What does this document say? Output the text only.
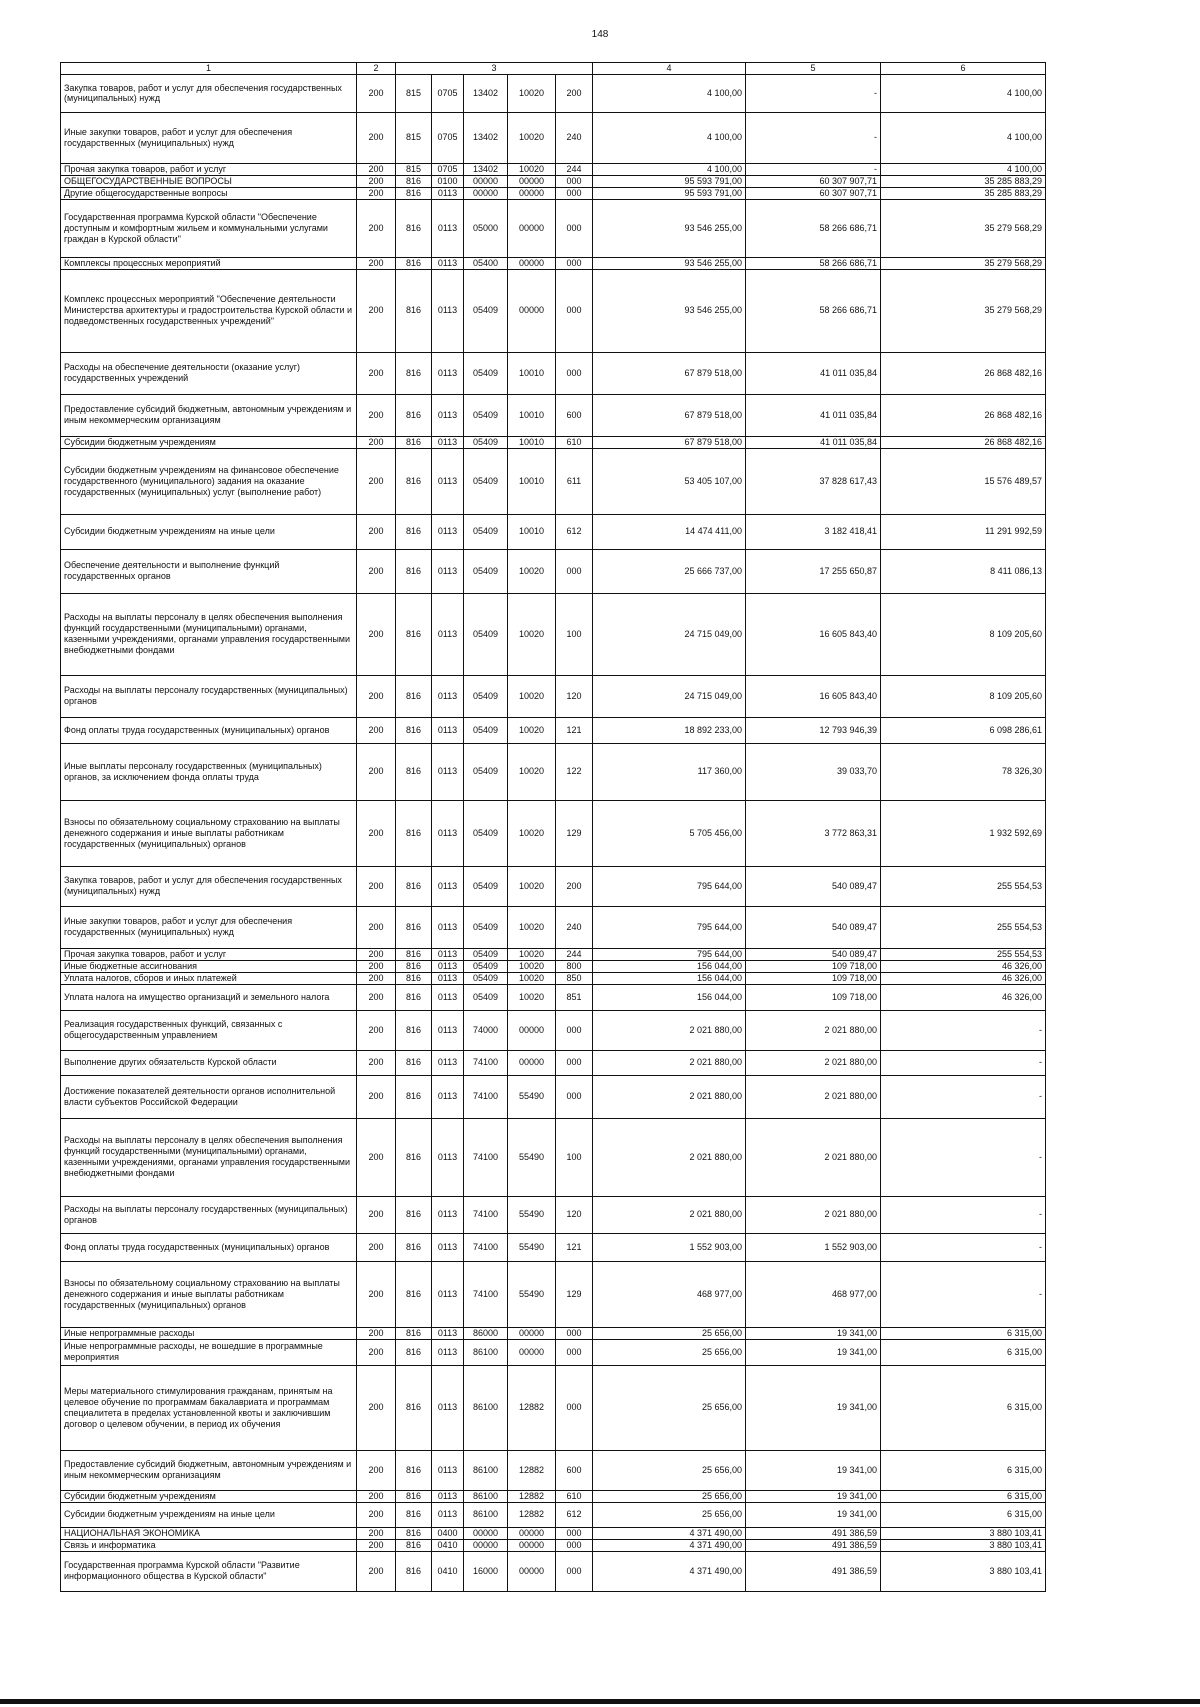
148
1	2	3					4	5	6
Закупка товаров, работ и услуг для обеспечения государственных (муниципальных) нужд	200	815	0705	13402	10020	200	4 100,00	-	4 100,00
Иные закупки товаров, работ и услуг для обеспечения государственных (муниципальных) нужд	200	815	0705	13402	10020	240	4 100,00	-	4 100,00
Прочая закупка товаров, работ и услуг	200	815	0705	13402	10020	244	4 100,00	-	4 100,00
ОБЩЕГОСУДАРСТВЕННЫЕ ВОПРОСЫ	200	816	0100	00000	00000	000	95 593 791,00	60 307 907,71	35 285 883,29
Другие общегосударственные вопросы	200	816	0113	00000	00000	000	95 593 791,00	60 307 907,71	35 285 883,29
Государственная программа Курской области "Обеспечение доступным и комфортным жильем и коммунальными услугами граждан в Курской области"	200	816	0113	05000	00000	000	93 546 255,00	58 266 686,71	35 279 568,29
Комплексы процессных мероприятий	200	816	0113	05400	00000	000	93 546 255,00	58 266 686,71	35 279 568,29
Комплекс процессных мероприятий "Обеспечение деятельности Министерства архитектуры и градостроительства Курской области и подведомственных государственных учреждений"	200	816	0113	05409	00000	000	93 546 255,00	58 266 686,71	35 279 568,29
Расходы на обеспечение деятельности (оказание услуг) государственных учреждений	200	816	0113	05409	10010	000	67 879 518,00	41 011 035,84	26 868 482,16
Предоставление субсидий бюджетным, автономным учреждениям и иным некоммерческим организациям	200	816	0113	05409	10010	600	67 879 518,00	41 011 035,84	26 868 482,16
Субсидии бюджетным учреждениям	200	816	0113	05409	10010	610	67 879 518,00	41 011 035,84	26 868 482,16
Субсидии бюджетным учреждениям на финансовое обеспечение государственного (муниципального) задания на оказание государственных (муниципальных) услуг (выполнение работ)	200	816	0113	05409	10010	611	53 405 107,00	37 828 617,43	15 576 489,57
Субсидии бюджетным учреждениям на иные цели	200	816	0113	05409	10010	612	14 474 411,00	3 182 418,41	11 291 992,59
Обеспечение деятельности и выполнение функций государственных органов	200	816	0113	05409	10020	000	25 666 737,00	17 255 650,87	8 411 086,13
Расходы на выплаты персоналу в целях обеспечения выполнения функций государственными (муниципальными) органами, казенными учреждениями, органами управления государственными внебюджетными фондами	200	816	0113	05409	10020	100	24 715 049,00	16 605 843,40	8 109 205,60
Расходы на выплаты персоналу государственных (муниципальных) органов	200	816	0113	05409	10020	120	24 715 049,00	16 605 843,40	8 109 205,60
Фонд оплаты труда государственных (муниципальных) органов	200	816	0113	05409	10020	121	18 892 233,00	12 793 946,39	6 098 286,61
Иные выплаты персоналу государственных (муниципальных) органов, за исключением фонда оплаты труда	200	816	0113	05409	10020	122	117 360,00	39 033,70	78 326,30
Взносы по обязательному социальному страхованию на выплаты денежного содержания и иные выплаты работникам государственных (муниципальных) органов	200	816	0113	05409	10020	129	5 705 456,00	3 772 863,31	1 932 592,69
Закупка товаров, работ и услуг для обеспечения государственных (муниципальных) нужд	200	816	0113	05409	10020	200	795 644,00	540 089,47	255 554,53
Иные закупки товаров, работ и услуг для обеспечения государственных (муниципальных) нужд	200	816	0113	05409	10020	240	795 644,00	540 089,47	255 554,53
Прочая закупка товаров, работ и услуг	200	816	0113	05409	10020	244	795 644,00	540 089,47	255 554,53
Иные бюджетные ассигнования	200	816	0113	05409	10020	800	156 044,00	109 718,00	46 326,00
Уплата налогов, сборов и иных платежей	200	816	0113	05409	10020	850	156 044,00	109 718,00	46 326,00
Уплата налога на имущество организаций и земельного налога	200	816	0113	05409	10020	851	156 044,00	109 718,00	46 326,00
Реализация государственных функций, связанных с общегосударственным управлением	200	816	0113	74000	00000	000	2 021 880,00	2 021 880,00	-
Выполнение других обязательств Курской области	200	816	0113	74100	00000	000	2 021 880,00	2 021 880,00	-
Достижение показателей деятельности органов исполнительной власти субъектов Российской Федерации	200	816	0113	74100	55490	000	2 021 880,00	2 021 880,00	-
Расходы на выплаты персоналу в целях обеспечения выполнения функций государственными (муниципальными) органами, казенными учреждениями, органами управления государственными внебюджетными фондами	200	816	0113	74100	55490	100	2 021 880,00	2 021 880,00	-
Расходы на выплаты персоналу государственных (муниципальных) органов	200	816	0113	74100	55490	120	2 021 880,00	2 021 880,00	-
Фонд оплаты труда государственных (муниципальных) органов	200	816	0113	74100	55490	121	1 552 903,00	1 552 903,00	-
Взносы по обязательному социальному страхованию на выплаты денежного содержания и иные выплаты работникам государственных (муниципальных) органов	200	816	0113	74100	55490	129	468 977,00	468 977,00	-
Иные непрограммные расходы	200	816	0113	86000	00000	000	25 656,00	19 341,00	6 315,00
Иные непрограммные расходы, не вошедшие в программные мероприятия	200	816	0113	86100	00000	000	25 656,00	19 341,00	6 315,00
Меры материального стимулирования гражданам, принятым на целевое обучение по программам бакалавриата и программам специалитета в пределах установленной квоты и заключившим договор о целевом обучении, в период их обучения	200	816	0113	86100	12882	000	25 656,00	19 341,00	6 315,00
Предоставление субсидий бюджетным, автономным учреждениям и иным некоммерческим организациям	200	816	0113	86100	12882	600	25 656,00	19 341,00	6 315,00
Субсидии бюджетным учреждениям	200	816	0113	86100	12882	610	25 656,00	19 341,00	6 315,00
Субсидии бюджетным учреждениям на иные цели	200	816	0113	86100	12882	612	25 656,00	19 341,00	6 315,00
НАЦИОНАЛЬНАЯ ЭКОНОМИКА	200	816	0400	00000	00000	000	4 371 490,00	491 386,59	3 880 103,41
Связь и информатика	200	816	0410	00000	00000	000	4 371 490,00	491 386,59	3 880 103,41
Государственная программа Курской области "Развитие информационного общества в Курской области"	200	816	0410	16000	00000	000	4 371 490,00	491 386,59	3 880 103,41
